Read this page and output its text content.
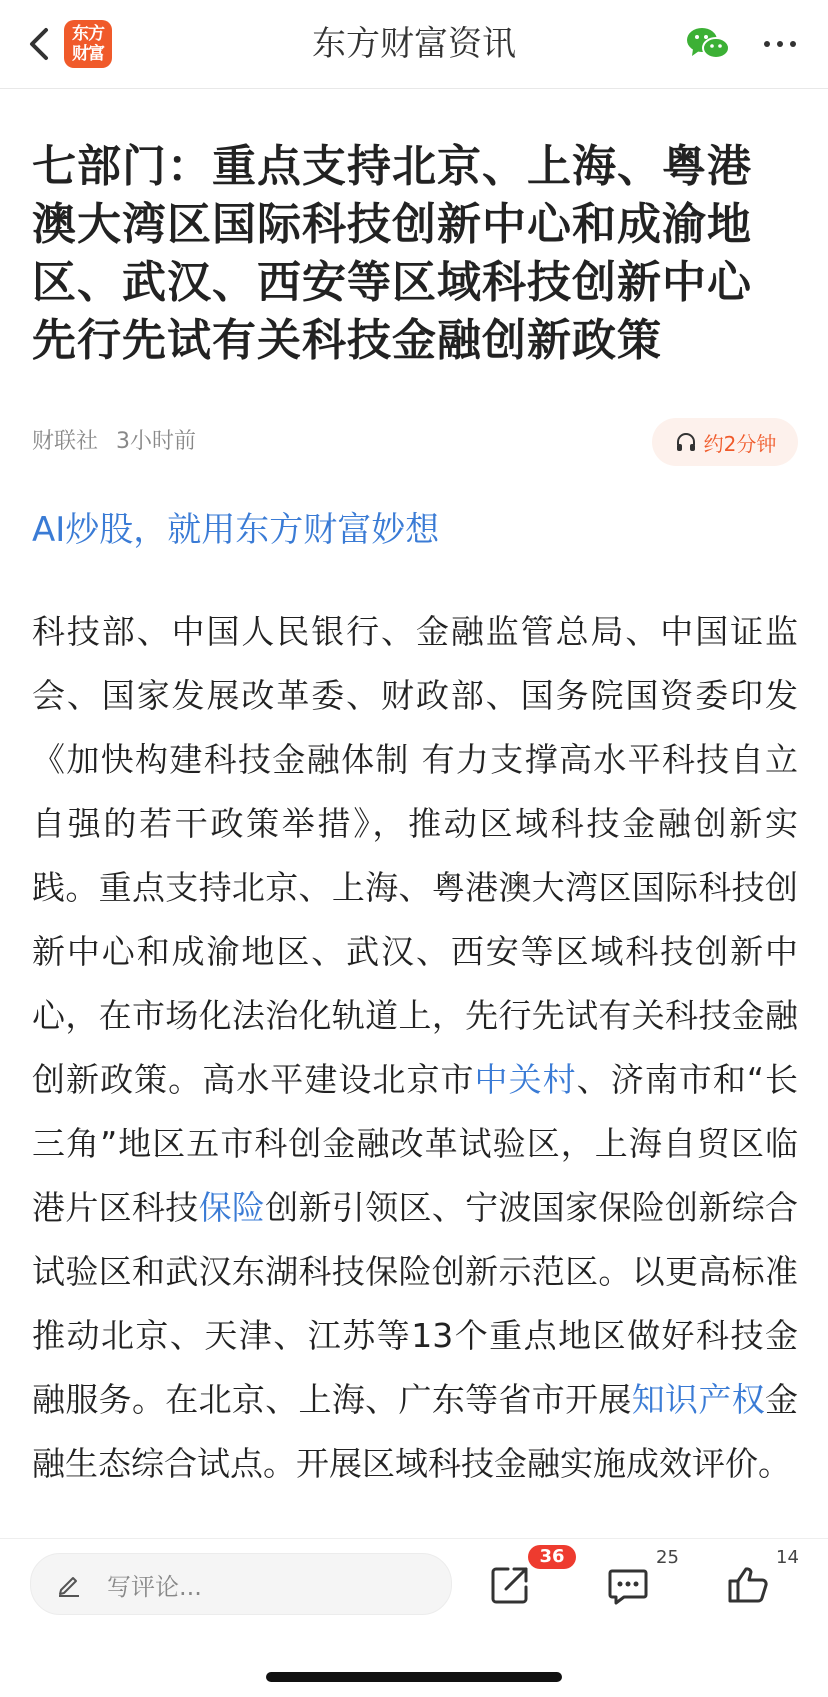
东方财富	东方财富资讯
七部门：重点支持北京、上海、粤港澳大湾区国际科技创新中心和成渝地区、武汉、西安等区域科技创新中心先行先试有关科技金融创新政策
财联社 3小时前	约2分钟
AI炒股，就用东方财富妙想
科技部、中国人民银行、金融监管总局、中国证监会、国家发展改革委、财政部、国务院国资委印发《加快构建科技金融体制 有力支撑高水平科技自立自强的若干政策举措》，推动区域科技金融创新实践。重点支持北京、上海、粤港澳大湾区国际科技创新中心和成渝地区、武汉、西安等区域科技创新中心，在市场化法治化轨道上，先行先试有关科技金融创新政策。高水平建设北京市中关村、济南市和“长三角”地区五市科创金融改革试验区，上海自贸区临港片区科技保险创新引领区、宁波国家保险创新综合试验区和武汉东湖科技保险创新示范区。以更高标准推动北京、天津、江苏等13个重点地区做好科技金融服务。在北京、上海、广东等省市开展知识产权金融生态综合试点。开展区域科技金融实施成效评价。
写评论...
36	25	14
